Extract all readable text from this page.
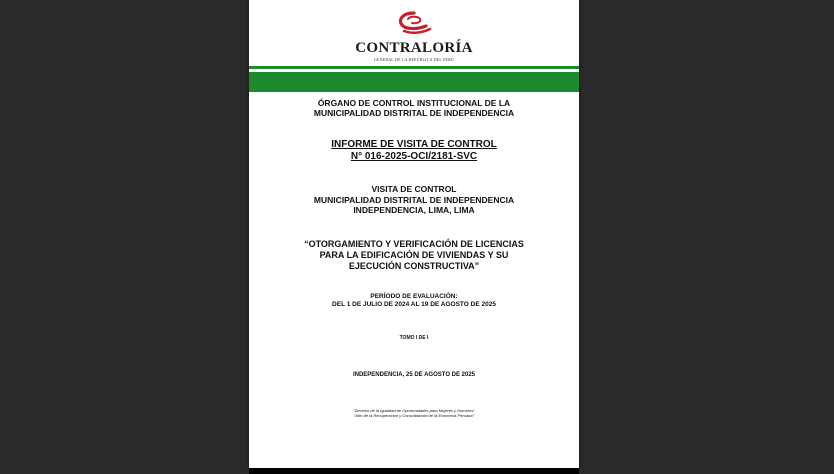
CONTRALORÍA
GENERAL DE LA REPÚBLICA DEL PERÚ
ÓRGANO DE CONTROL INSTITUCIONAL DE LA
MUNICIPALIDAD DISTRITAL DE INDEPENDENCIA
INFORME DE VISITA DE CONTROL
N° 016-2025-OCI/2181-SVC
VISITA DE CONTROL
MUNICIPALIDAD DISTRITAL DE INDEPENDENCIA
INDEPENDENCIA, LIMA, LIMA
“OTORGAMIENTO Y VERIFICACIÓN DE LICENCIAS
PARA LA EDIFICACIÓN DE VIVIENDAS Y SU
EJECUCIÓN CONSTRUCTIVA”
PERÍODO DE EVALUACIÓN:
DEL 1 DE JULIO DE 2024 AL 19 DE AGOSTO DE 2025
TOMO I DE I
INDEPENDENCIA, 25 DE AGOSTO DE 2025
“Decenio de la Igualdad de Oportunidades para Mujeres y Hombres”
“Año de la Recuperación y Consolidación de la Economía Peruana”
